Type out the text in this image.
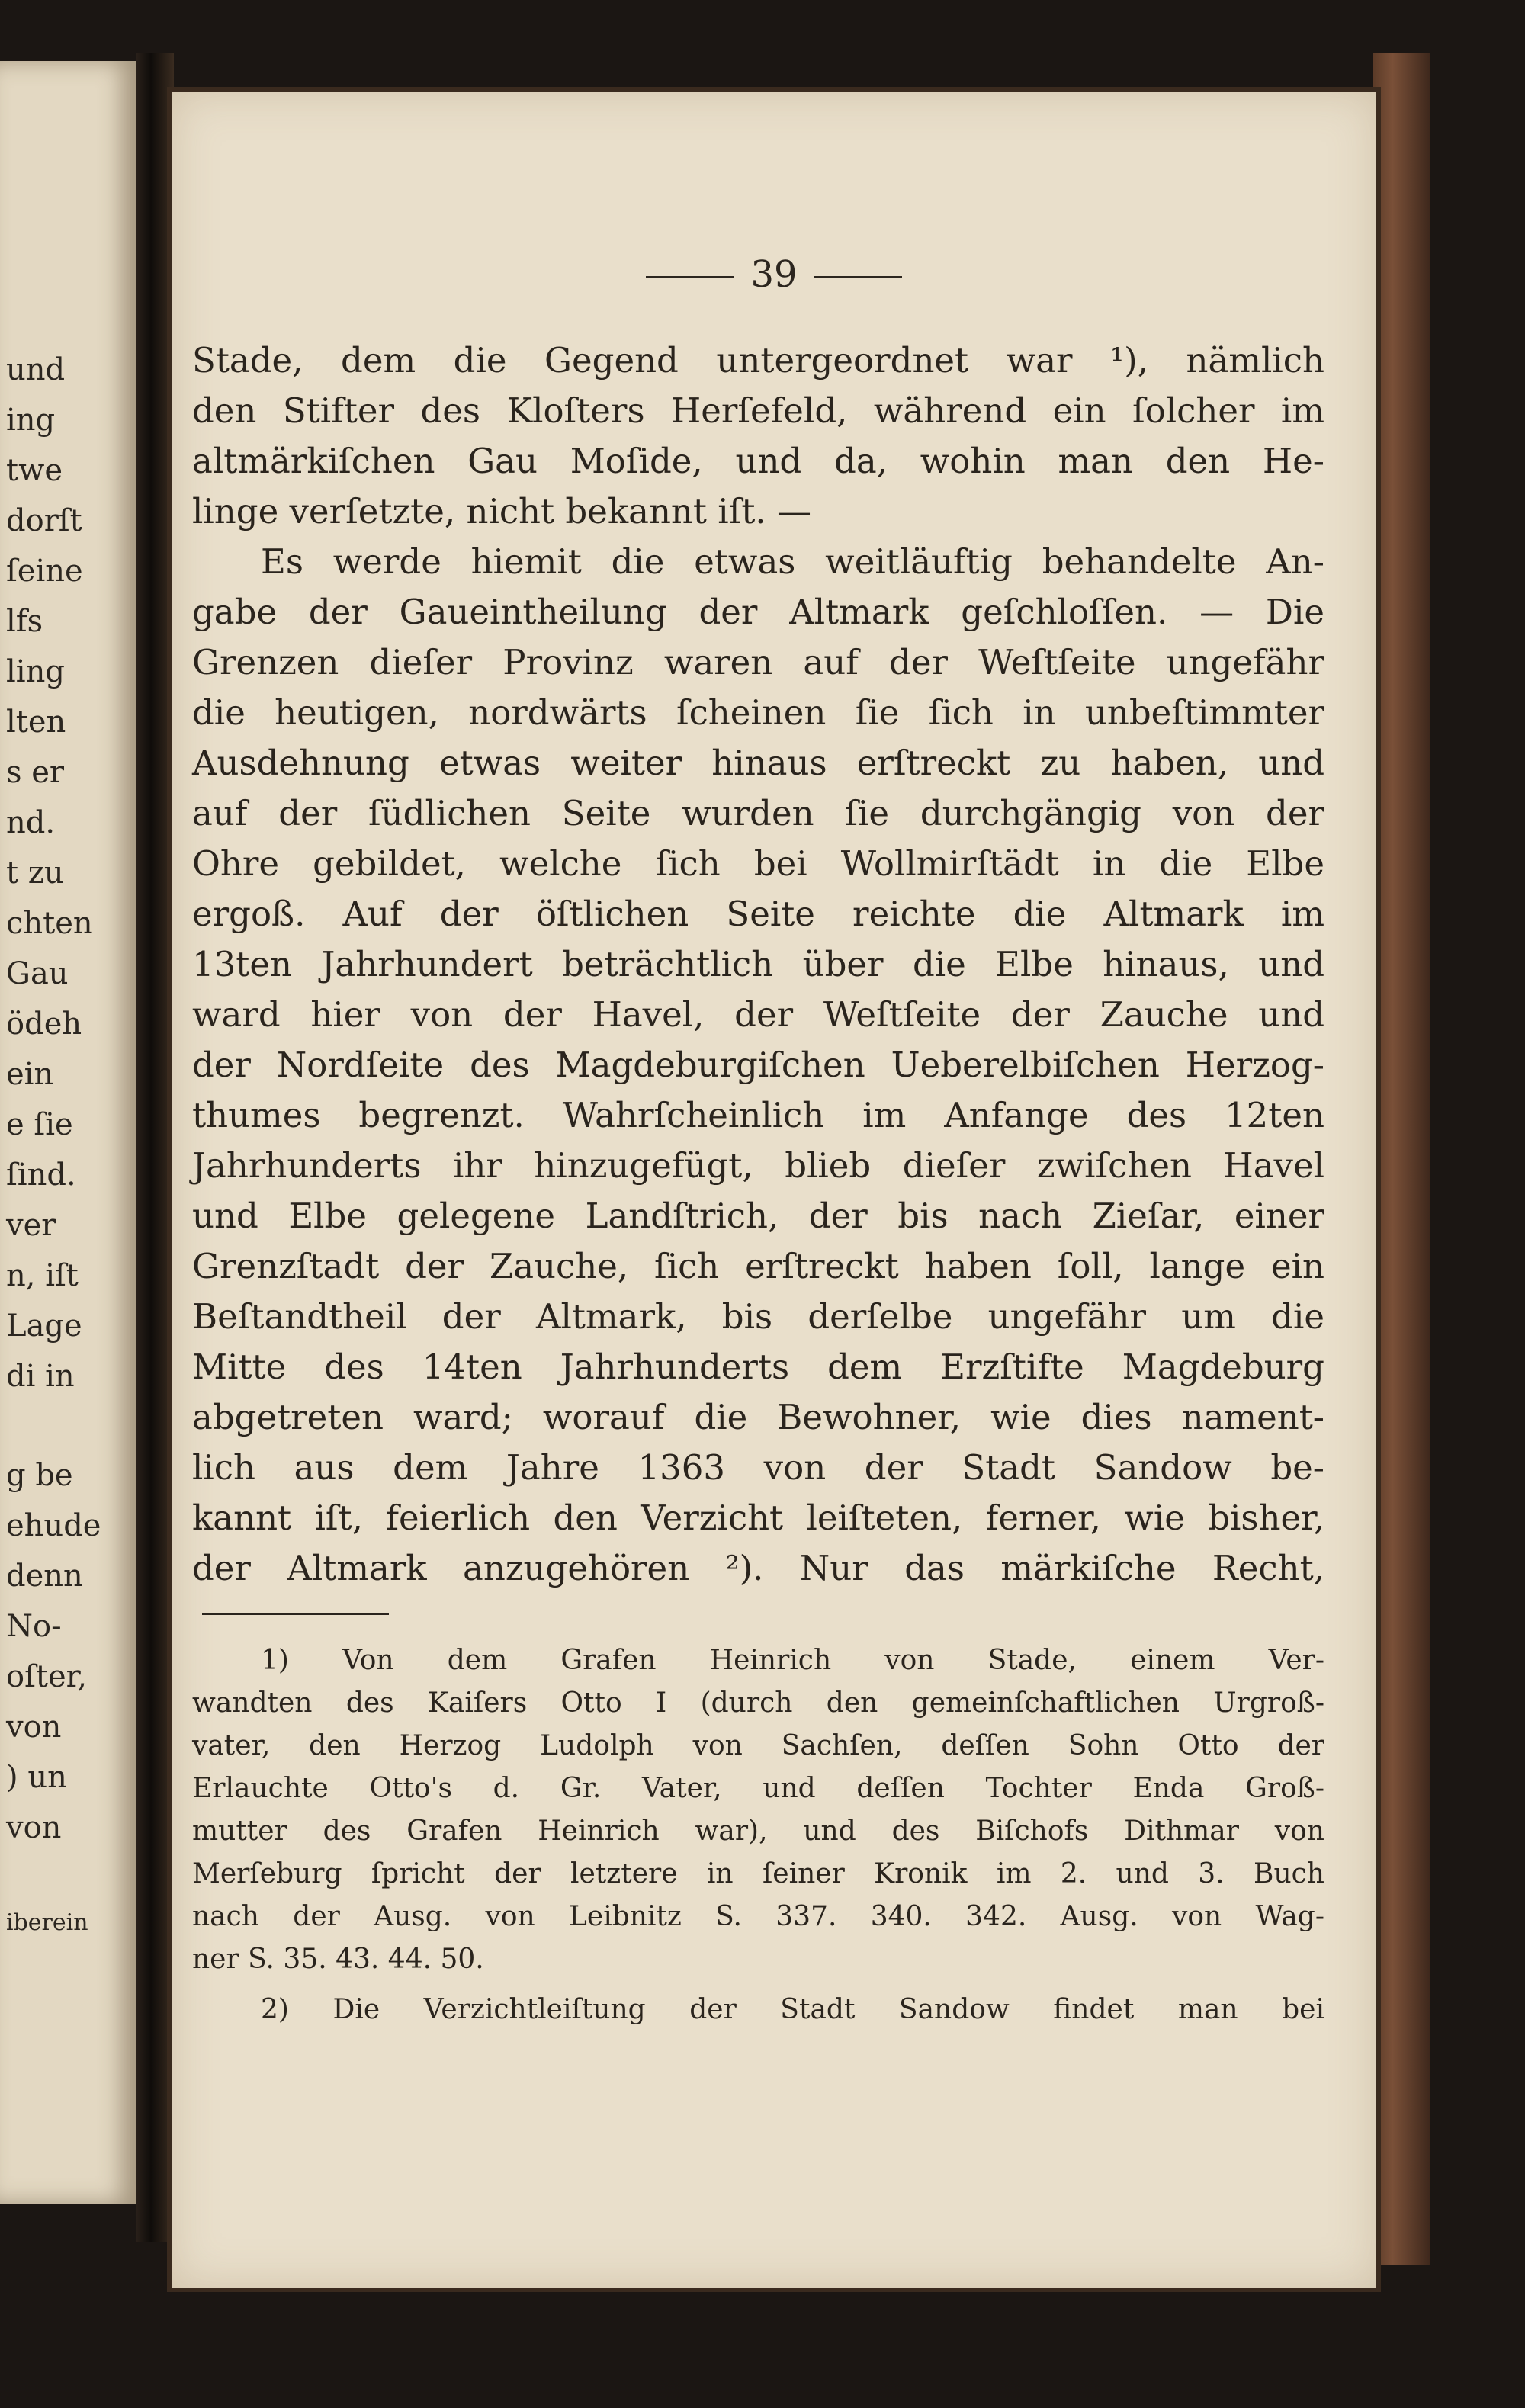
und
ing
twe
dorſt
ſeine
lfs
ling
lten
s er
nd.
t zu
chten
Gau
ödeh
ein
e ſie
ſind.
ver
n, iſt
Lage
di in
g be
ehude
denn
No-
oſter,
von
) un
von
iberein
39
Stade, dem die Gegend untergeordnet war ¹), nämlich
den Stifter des Kloſters Herſefeld, während ein ſolcher im
altmärkiſchen Gau Moſide, und da, wohin man den He-
linge verſetzte, nicht bekannt iſt. —
Es werde hiemit die etwas weitläuftig behandelte An-
gabe der Gaueintheilung der Altmark geſchloſſen. — Die
Grenzen dieſer Provinz waren auf der Weſtſeite ungefähr
die heutigen, nordwärts ſcheinen ſie ſich in unbeſtimmter
Ausdehnung etwas weiter hinaus erſtreckt zu haben, und
auf der ſüdlichen Seite wurden ſie durchgängig von der
Ohre gebildet, welche ſich bei Wollmirſtädt in die Elbe
ergoß. Auf der öſtlichen Seite reichte die Altmark im
13ten Jahrhundert beträchtlich über die Elbe hinaus, und
ward hier von der Havel, der Weſtſeite der Zauche und
der Nordſeite des Magdeburgiſchen Ueberelbiſchen Herzog-
thumes begrenzt. Wahrſcheinlich im Anfange des 12ten
Jahrhunderts ihr hinzugefügt, blieb dieſer zwiſchen Havel
und Elbe gelegene Landſtrich, der bis nach Zieſar, einer
Grenzſtadt der Zauche, ſich erſtreckt haben ſoll, lange ein
Beſtandtheil der Altmark, bis derſelbe ungefähr um die
Mitte des 14ten Jahrhunderts dem Erzſtifte Magdeburg
abgetreten ward; worauf die Bewohner, wie dies nament-
lich aus dem Jahre 1363 von der Stadt Sandow be-
kannt iſt, feierlich den Verzicht leiſteten, ferner, wie bisher,
der Altmark anzugehören ²). Nur das märkiſche Recht,
1) Von dem Grafen Heinrich von Stade, einem Ver-
wandten des Kaiſers Otto I (durch den gemeinſchaftlichen Urgroß-
vater, den Herzog Ludolph von Sachſen, deſſen Sohn Otto der
Erlauchte Otto's d. Gr. Vater, und deſſen Tochter Enda Groß-
mutter des Grafen Heinrich war), und des Biſchofs Dithmar von
Merſeburg ſpricht der letztere in ſeiner Kronik im 2. und 3. Buch
nach der Ausg. von Leibnitz S. 337. 340. 342. Ausg. von Wag-
ner S. 35. 43. 44. 50.
2) Die Verzichtleiſtung der Stadt Sandow findet man bei
